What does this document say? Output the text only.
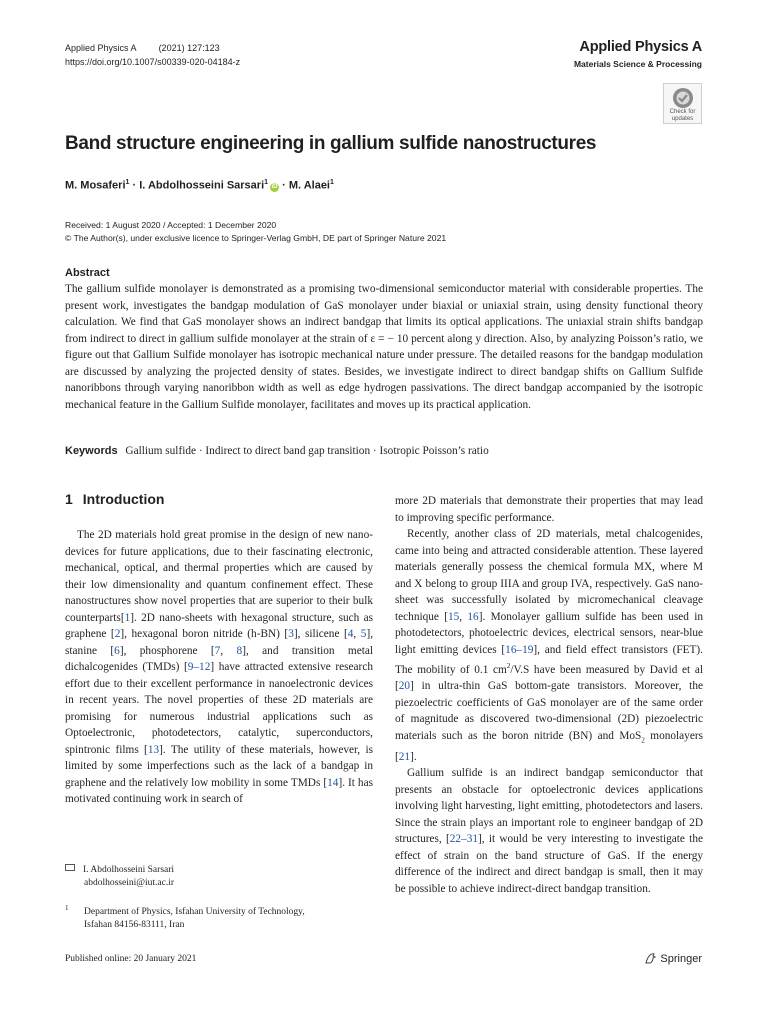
Applied Physics A	(2021) 127:123
https://doi.org/10.1007/s00339-020-04184-z
Applied Physics A
Materials Science & Processing
Check for
updates
Band structure engineering in gallium sulfide nanostructures
M. Mosaferi$^1$ · I. Abdolhosseini Sarsari$^1$iD · M. Alaei$^1$
Received: 1 August 2020 / Accepted: 1 December 2020
© The Author(s), under exclusive licence to Springer-Verlag GmbH, DE part of Springer Nature 2021
Abstract
The gallium sulfide monolayer is demonstrated as a promising two-dimensional semiconductor material with considerable properties. The present work, investigates the bandgap modulation of GaS monolayer under biaxial or uniaxial strain, using density functional theory calculation. We find that GaS monolayer shows an indirect bandgap that limits its optical applications. The uniaxial strain shifts bandgap from indirect to direct in gallium sulfide monolayer at the strain of ε = − 10 percent along y direction. Also, by analyzing Poisson’s ratio, we figure out that Gallium Sulfide monolayer has isotropic mechanical nature under pressure. The detailed reasons for the bandgap modulation are discussed by analyzing the projected density of states. Besides, we investigate indirect to direct bandgap shifts on Gallium Sulfide nanoribbons through varying nanoribbon width as well as edge hydrogen passivations. The direct bandgap accompanied by the isotropic mechanical feature in the Gallium Sulfide monolayer, facilitates and moves up its practical application.
Keywords Gallium sulfide · Indirect to direct band gap transition · Isotropic Poisson’s ratio
1 Introduction

The 2D materials hold great promise in the design of new nano-devices for future applications, due to their fascinating electronic, mechanical, optical, and thermal properties which are caused by their low dimensionality and quantum confinement effect. These nanostructures show novel properties that are superior to their bulk counterparts[1]. 2D nano-sheets with hexagonal structure, such as graphene [2], hexagonal boron nitride (h-BN) [3], silicene [4, 5], stanine [6], phosphorene [7, 8], and transition metal dichalcogenides (TMDs) [9–12] have attracted extensive research effort due to their excellent performance in nanoelectronic devices in recent years. The novel properties of these 2D materials are promising for numerous industrial applications such as Optoelectronic, photodetectors, catalytic, superconductors, spintronic films [13]. The utility of these materials, however, is limited by some imperfections such as the lack of a bandgap in graphene and the relatively low mobility in some TMDs [14]. It has motivated continuing work in search of

more 2D materials that demonstrate their properties that may lead to improving specific performance.

Recently, another class of 2D materials, metal chalcogenides, came into being and attracted considerable attention. These layered materials generally possess the chemical formula MX, where M and X belong to group IIIA and group IVA, respectively. GaS nano-sheet was successfully isolated by micromechanical cleavage technique [15, 16]. Monolayer gallium sulfide has been used in photodetectors, photoelectric devices, electrical sensors, near-blue light emitting devices [16–19], and field effect transistors (FET). The mobility of 0.1 $cm^2/V.S$ have been measured by David et al [20] in ultra-thin GaS bottom-gate transistors. Moreover, the piezoelectric coefficients of GaS monolayer are of the same order of magnitude as discovered two-dimensional (2D) piezoelectric materials such as the boron nitride (BN) and MoS$_2$ monolayers [21].

Gallium sulfide is an indirect bandgap semiconductor that presents an obstacle for optoelectronic devices applications involving light harvesting, light emitting, photodetectors and lasers. Since the strain plays an important role to engineer bandgap of 2D structures, [22–31], it would be very interesting to investigate the effect of strain on the band structure of GaS. If the energy difference of the indirect and direct bandgap is small, then it may be possible to achieve indirect-direct bandgap transition.

I. Abdolhosseini Sarsari
abdolhosseini@iut.ac.ir
1 Department of Physics, Isfahan University of Technology,
Isfahan 84156-83111, Iran
Published online: 20 January 2021	Springer
